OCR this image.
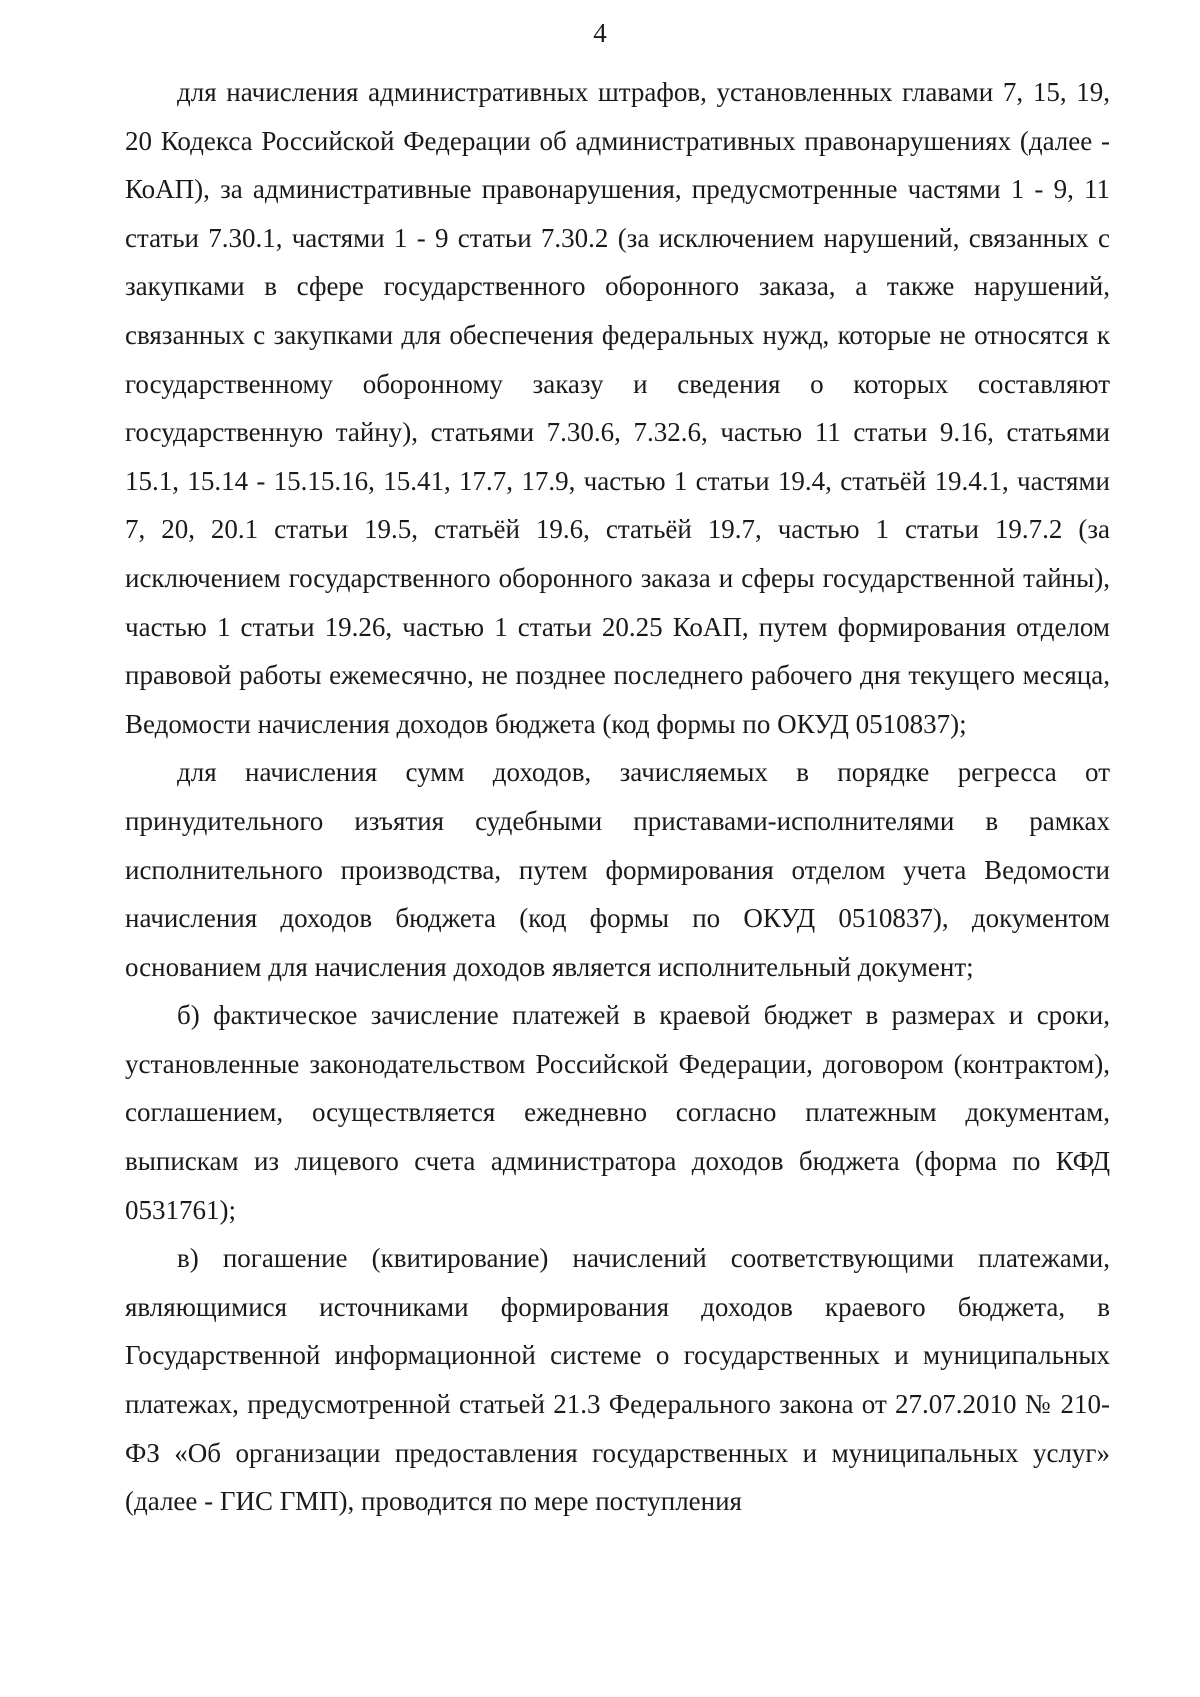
4

для начисления административных штрафов, установленных главами 7, 15, 19, 20 Кодекса Российской Федерации об административных правонарушениях (далее - КоАП), за административные правонарушения, предусмотренные частями 1 - 9, 11 статьи 7.30.1, частями 1 - 9 статьи 7.30.2 (за исключением нарушений, связанных с закупками в сфере государственного оборонного заказа, а также нарушений, связанных с закупками для обеспечения федеральных нужд, которые не относятся к государственному оборонному заказу и сведения о которых составляют государственную тайну), статьями 7.30.6, 7.32.6, частью 11 статьи 9.16, статьями 15.1, 15.14 - 15.15.16, 15.41, 17.7, 17.9, частью 1 статьи 19.4, статьёй 19.4.1, частями 7, 20, 20.1 статьи 19.5, статьёй 19.6, статьёй 19.7, частью 1 статьи 19.7.2 (за исключением государственного оборонного заказа и сферы государственной тайны), частью 1 статьи 19.26, частью 1 статьи 20.25 КоАП, путем формирования отделом правовой работы ежемесячно, не позднее последнего рабочего дня текущего месяца, Ведомости начисления доходов бюджета (код формы по ОКУД 0510837);

для начисления сумм доходов, зачисляемых в порядке регресса от принудительного изъятия судебными приставами-исполнителями в рамках исполнительного производства, путем формирования отделом учета Ведомости начисления доходов бюджета (код формы по ОКУД 0510837), документом основанием для начисления доходов является исполнительный документ;

б) фактическое зачисление платежей в краевой бюджет в размерах и сроки, установленные законодательством Российской Федерации, договором (контрактом), соглашением, осуществляется ежедневно согласно платежным документам, выпискам из лицевого счета администратора доходов бюджета (форма по КФД 0531761);

в) погашение (квитирование) начислений соответствующими платежами, являющимися источниками формирования доходов краевого бюджета, в Государственной информационной системе о государственных и муниципальных платежах, предусмотренной статьей 21.3 Федерального закона от 27.07.2010 № 210-ФЗ «Об организации предоставления государственных и муниципальных услуг» (далее - ГИС ГМП), проводится по мере поступления
